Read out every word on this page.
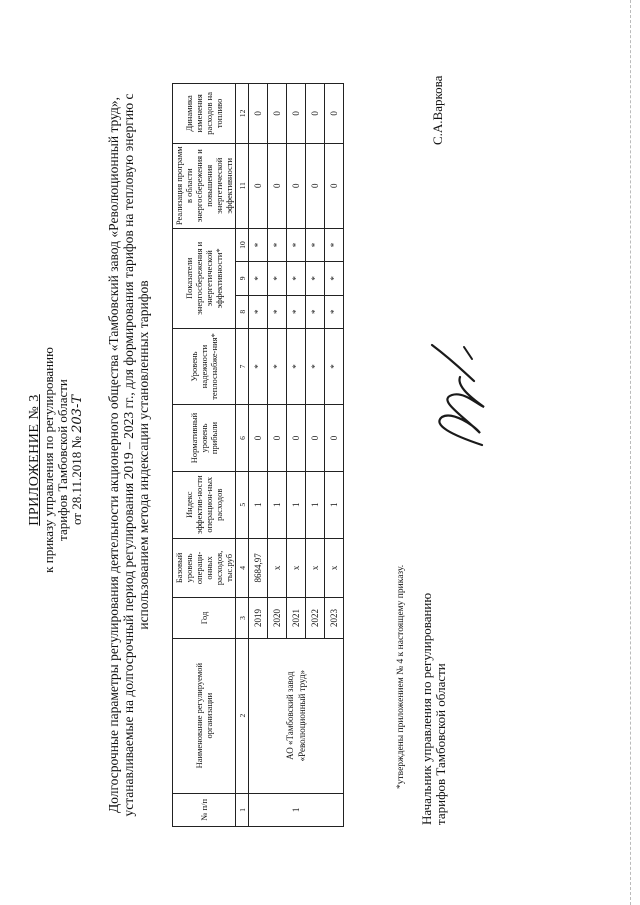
ПРИЛОЖЕНИЕ № 3 к приказу управления по регулированию тарифов Тамбовской области от 28.11.2018 № 203-Т Долгосрочные параметры регулирования деятельности акционерного общества «Тамбовский завод «Революционный труд», устанавливаемые на долгосрочный период регулирования 2019 – 2023 гг., для формирования тарифов на тепловую энергию с использованием метода индексации установленных тарифов
№ п/п	Наименование регулируемой организации	Год	Базовый уровень операци-онных расходов, тыс.руб	Индекс эффектив-ности операцион-ных расходов	Нормативный уровень прибыли	Уровень надежности теплоснабже-ния*	Показатели энергосбережения и энергетической эффективности*			Реализация программ в области энергосбережения и повышения энергетической эффективности	Динамика изменения расходов на топливо
1	2	3	4	5	6	7	8	9	10	11	12
1	АО «Тамбовский завод «Революционный труд»	2019	8684,97	1	0	*	*	*	*	0	0
		2020	x	1	0	*	*	*	*	0	0
		2021	x	1	0	*	*	*	*	0	0
		2022	x	1	0	*	*	*	*	0	0
		2023	x	1	0	*	*	*	*	0	0
*утверждены приложением № 4 к настоящему приказу. Начальник управления по регулированию тарифов Тамбовской области
С.А.Варкова
